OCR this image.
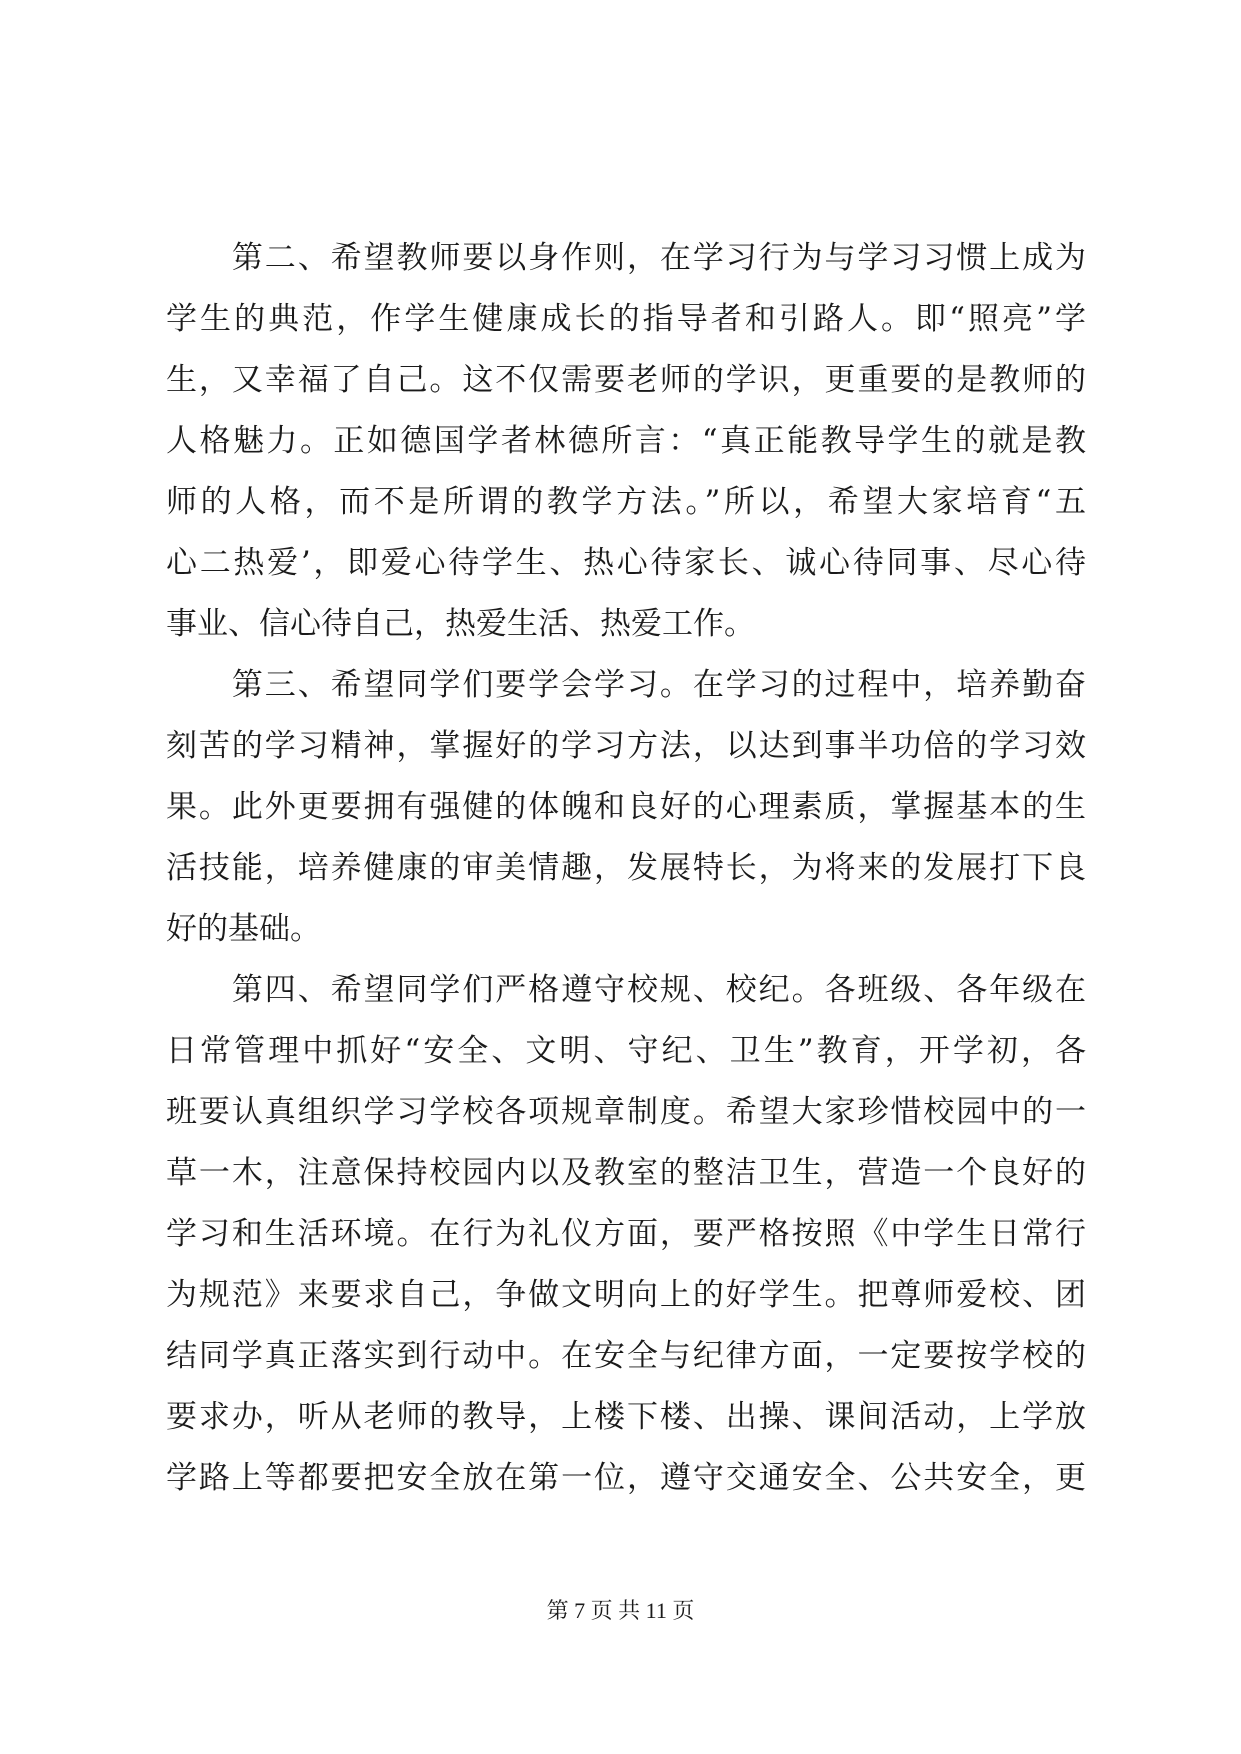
　　第二、希望教师要以身作则，在学习行为与学习习惯上成为
学生的典范，作学生健康成长的指导者和引路人。即“照亮”学
生，又幸福了自己。这不仅需要老师的学识，更重要的是教师的
人格魅力。正如德国学者林德所言：“真正能教导学生的就是教
师的人格，而不是所谓的教学方法。”所以，希望大家培育“五
心二热爱’，即爱心待学生、热心待家长、诚心待同事、尽心待
事业、信心待自己，热爱生活、热爱工作。
　　第三、希望同学们要学会学习。在学习的过程中，培养勤奋
刻苦的学习精神，掌握好的学习方法，以达到事半功倍的学习效
果。此外更要拥有强健的体魄和良好的心理素质，掌握基本的生
活技能，培养健康的审美情趣，发展特长，为将来的发展打下良
好的基础。
　　第四、希望同学们严格遵守校规、校纪。各班级、各年级在
日常管理中抓好“安全、文明、守纪、卫生”教育，开学初，各
班要认真组织学习学校各项规章制度。希望大家珍惜校园中的一
草一木，注意保持校园内以及教室的整洁卫生，营造一个良好的
学习和生活环境。在行为礼仪方面，要严格按照《中学生日常行
为规范》来要求自己，争做文明向上的好学生。把尊师爱校、团
结同学真正落实到行动中。在安全与纪律方面，一定要按学校的
要求办，听从老师的教导，上楼下楼、出操、课间活动，上学放
学路上等都要把安全放在第一位，遵守交通安全、公共安全，更
第 7 页 共 11 页
